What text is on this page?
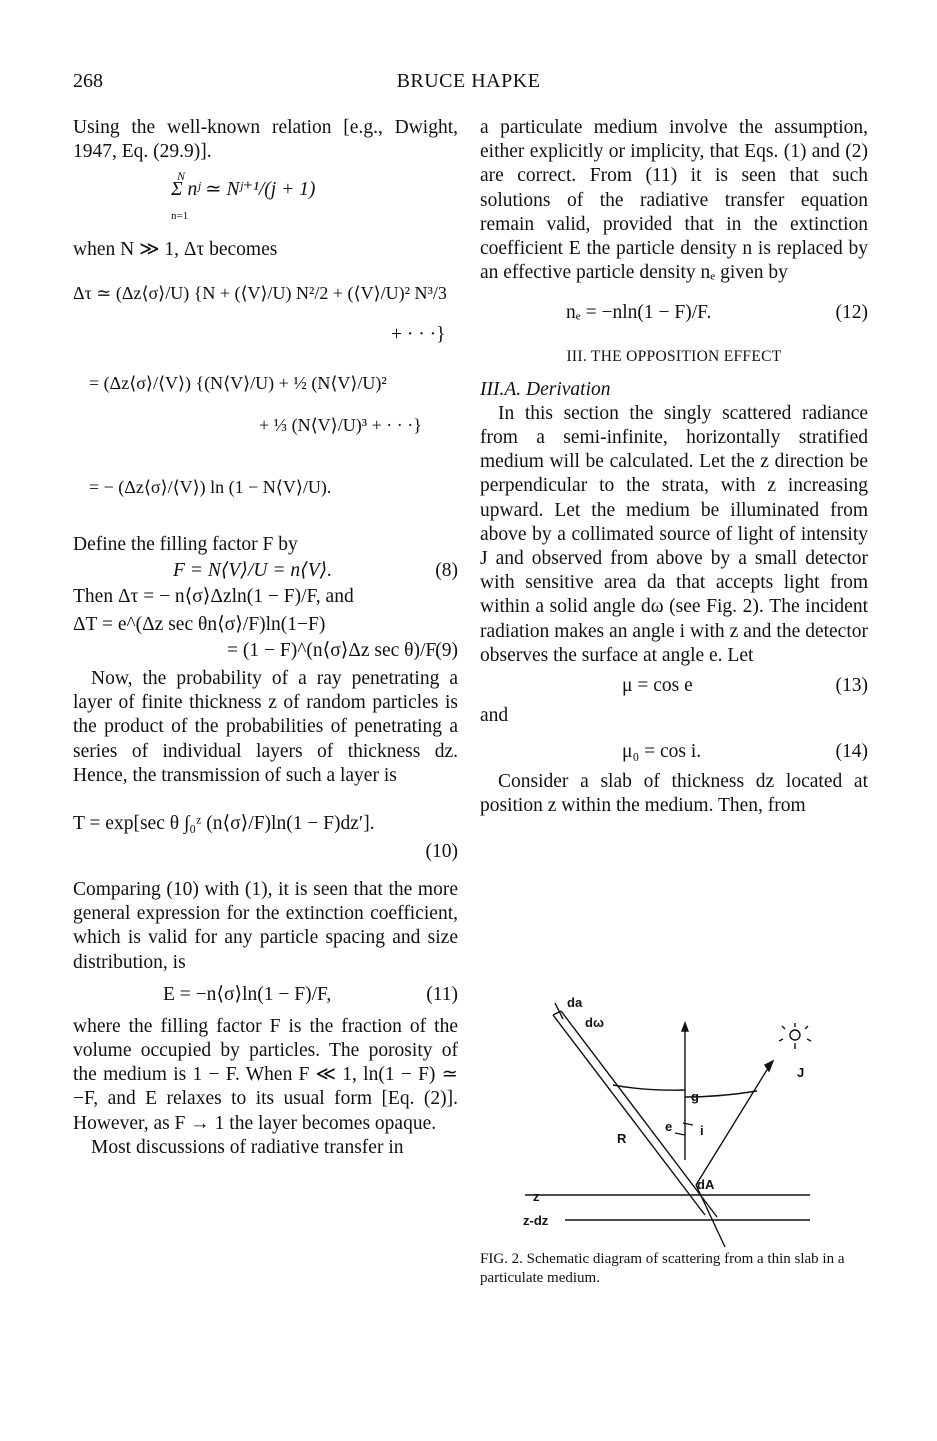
268	BRUCE HAPKE

Using the well-known relation [e.g., Dwight, 1947, Eq. (29.9)].

N
Σ nʲ ≃ Nʲ⁺¹/(j + 1)
n=1

when N ≫ 1, Δτ becomes

Δτ ≃ (Δz⟨σ⟩/U) {N + (⟨V⟩/U) N²/2 + (⟨V⟩/U)² N³/3
+ · · ·}
= (Δz⟨σ⟩/⟨V⟩) {(N⟨V⟩/U) + ½ (N⟨V⟩/U)²
+ ⅓ (N⟨V⟩/U)³ + · · ·}
= − (Δz⟨σ⟩/⟨V⟩) ln (1 − N⟨V⟩/U).

Define the filling factor F by

F = N⟨V⟩/U = n⟨V⟩.	(8)

Then Δτ = − n⟨σ⟩Δzln(1 − F)/F, and

ΔT = e^(Δz sec θn⟨σ⟩/F)ln(1−F)
= (1 − F)^(n⟨σ⟩Δz sec θ)/F.
(9)

Now, the probability of a ray penetrating a layer of finite thickness z of random particles is the product of the probabilities of penetrating a series of individual layers of thickness dz. Hence, the transmission of such a layer is

T = exp[sec θ ∫₀ᶻ (n⟨σ⟩/F)ln(1 − F)dz′].
(10)

Comparing (10) with (1), it is seen that the more general expression for the extinction coefficient, which is valid for any particle spacing and size distribution, is

E = −n⟨σ⟩ln(1 − F)/F,	(11)

where the filling factor F is the fraction of the volume occupied by particles. The porosity of the medium is 1 − F. When F ≪ 1, ln(1 − F) ≃ −F, and E relaxes to its usual form [Eq. (2)]. However, as F → 1 the layer becomes opaque.

Most discussions of radiative transfer in

a particulate medium involve the assumption, either explicitly or implicity, that Eqs. (1) and (2) are correct. From (11) it is seen that such solutions of the radiative transfer equation remain valid, provided that in the extinction coefficient E the particle density n is replaced by an effective particle density nₑ given by

nₑ = −nln(1 − F)/F.	(12)
III. THE OPPOSITION EFFECT
III.A. Derivation

In this section the singly scattered radiance from a semi-infinite, horizontally stratified medium will be calculated. Let the z direction be perpendicular to the strata, with z increasing upward. Let the medium be illuminated from above by a collimated source of light of intensity J and observed from above by a small detector with sensitive area da that accepts light from within a solid angle dω (see Fig. 2). The incident radiation makes an angle i with z and the detector observes the surface at angle e. Let

μ = cos e	(13)

and

μ₀ = cos i.	(14)

Consider a slab of thickness dz located at position z within the medium. Then, from

da
dω
J
g
e i
R
dA
z
z-dz
FIG. 2. Schematic diagram of scattering from a thin slab in a particulate medium.
